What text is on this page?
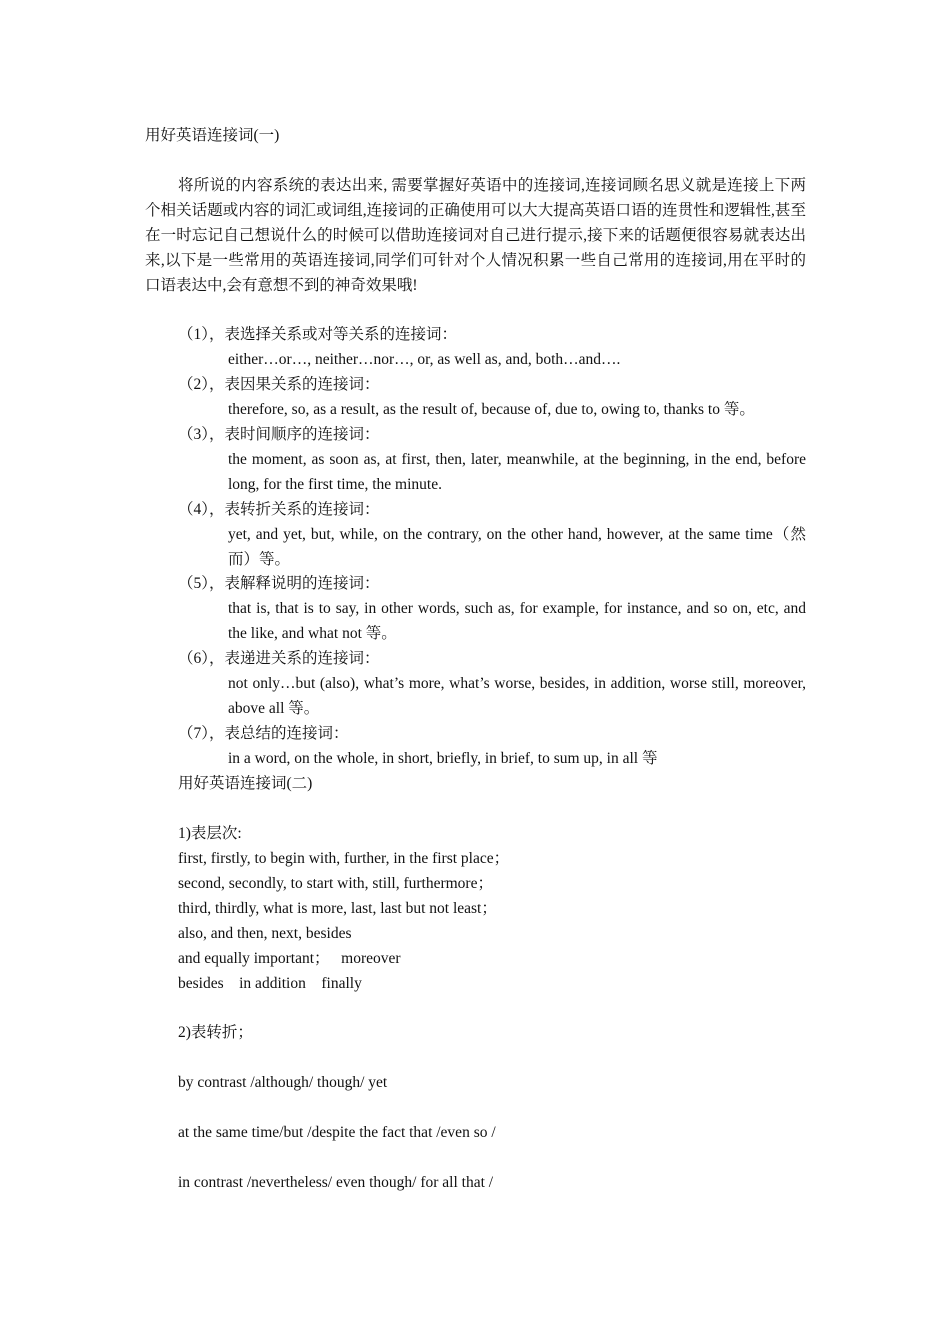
用好英语连接词(一)
将所说的内容系统的表达出来, 需要掌握好英语中的连接词,连接词顾名思义就是连接上下两个相关话题或内容的词汇或词组,连接词的正确使用可以大大提高英语口语的连贯性和逻辑性,甚至在一时忘记自己想说什么的时候可以借助连接词对自己进行提示,接下来的话题便很容易就表达出来,以下是一些常用的英语连接词,同学们可针对个人情况积累一些自己常用的连接词,用在平时的口语表达中,会有意想不到的神奇效果哦!
（1），表选择关系或对等关系的连接词：
either…or…, neither…nor…, or, as well as, and, both…and….
（2），表因果关系的连接词：
therefore, so, as a result, as the result of, because of, due to, owing to, thanks to 等。
（3），表时间顺序的连接词：
the moment, as soon as, at first, then, later, meanwhile, at the beginning, in the end, before long, for the first time, the minute.
（4），表转折关系的连接词：
yet, and yet, but, while, on the contrary, on the other hand, however, at the same time（然而）等。
（5），表解释说明的连接词：
that is, that is to say, in other words, such as, for example, for instance, and so on, etc, and the like, and what not 等。
（6），表递进关系的连接词：
not only…but (also), what’s more, what’s worse, besides, in addition, worse still, moreover, above all 等。
（7），表总结的连接词：
in a word, on the whole, in short, briefly, in brief, to sum up, in all 等
用好英语连接词(二)
1)表层次:
first, firstly, to begin with, further, in the first place；
second, secondly, to start with, still, furthermore；
third, thirdly, what is more, last, last but not least；
also, and then, next, besides
and equally important；   moreover
besides    in addition    finally
2)表转折；
by contrast /although/ though/ yet
at the same time/but /despite the fact that /even so /
in contrast /nevertheless/ even though/ for all that /
